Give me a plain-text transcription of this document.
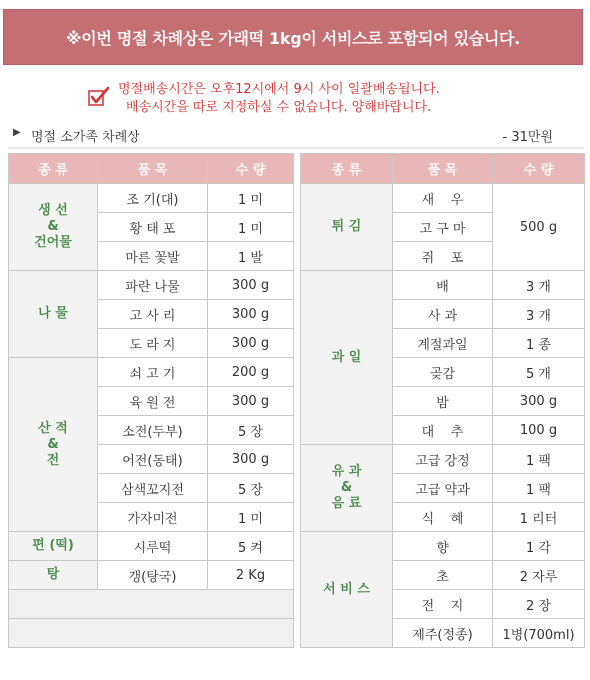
※이번 명절 차례상은 가래떡 1kg이 서비스로 포함되어 있습니다.
명절배송시간은 오후12시에서 9시 사이 일괄배송됩니다.
배송시간을 따로 지정하실 수 없습니다. 양해바랍니다.
▶ 명절 소가족 차례상	- 31만원
종 류	품 목	수 량
생 선
&
건어물	조 기(대)	1 미
	황 태 포	1 미
	마른 꽃발	1 발
나 물	파란 나물	300 g
	고 사 리	300 g
	도 라 지	300 g
산 적
&
전	쇠 고 기	200 g
	육 원 전	300 g
	소전(두부)	5 장
	어전(동태)	300 g
	삼색꼬지전	5 장
	가자미전	1 미
편 (떡)	시루떡	5 켜
탕	갱(탕국)	2 Kg

종 류	품 목	수 량
튀 김	새    우	500 g
	고 구 마	
	쥐    포	
과 일	배	3 개
	사 과	3 개
	계절과일	1 종
	곶감	5 개
	밤	300 g
	대    추	100 g
유 과
&
음 료	고급 강정	1 팩
	고급 약과	1 팩
	식    혜	1 리터
서 비 스	향	1 각
	초	2 자루
	전    지	2 장
	제주(정종)	1병(700ml)
